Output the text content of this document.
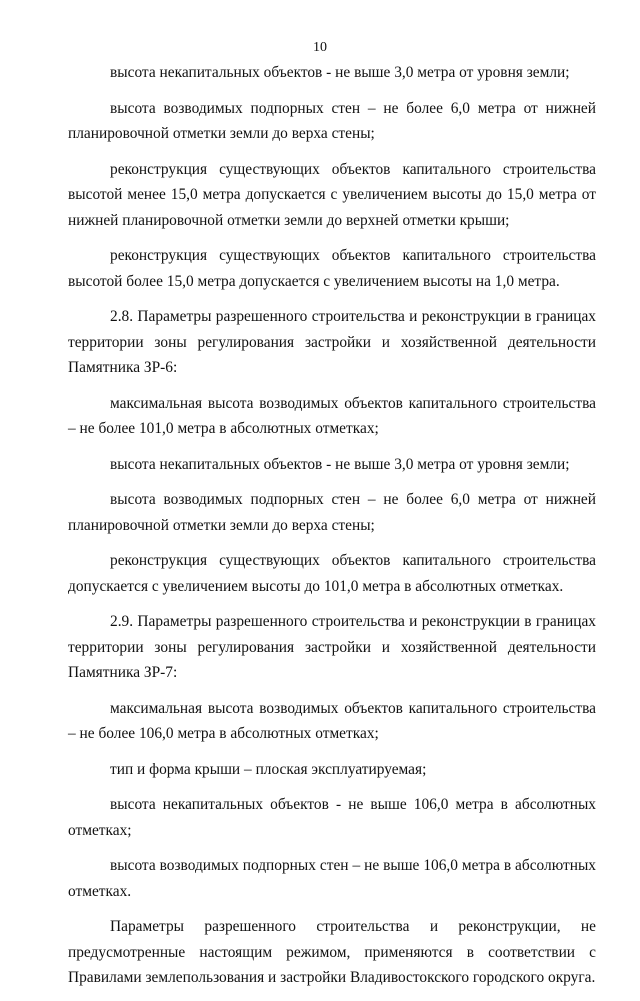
10

высота некапитальных объектов - не выше 3,0 метра от уровня земли;

высота возводимых подпорных стен – не более 6,0 метра от нижней планировочной отметки земли до верха стены;

реконструкция существующих объектов капитального строительства высотой менее 15,0 метра допускается с увеличением высоты до 15,0 метра от нижней планировочной отметки земли до верхней отметки крыши;

реконструкция существующих объектов капитального строительства высотой более 15,0 метра допускается с увеличением высоты на 1,0 метра.

2.8. Параметры разрешенного строительства и реконструкции в границах территории зоны регулирования застройки и хозяйственной деятельности Памятника ЗР-6:

максимальная высота возводимых объектов капитального строительства – не более 101,0 метра в абсолютных отметках;

высота некапитальных объектов - не выше 3,0 метра от уровня земли;

высота возводимых подпорных стен – не более 6,0 метра от нижней планировочной отметки земли до верха стены;

реконструкция существующих объектов капитального строительства допускается с увеличением высоты до 101,0 метра в абсолютных отметках.

2.9. Параметры разрешенного строительства и реконструкции в границах территории зоны регулирования застройки и хозяйственной деятельности Памятника ЗР-7:

максимальная высота возводимых объектов капитального строительства – не более 106,0 метра в абсолютных отметках;

тип и форма крыши – плоская эксплуатируемая;

высота некапитальных объектов - не выше 106,0 метра в абсолютных отметках;

высота возводимых подпорных стен – не выше 106,0 метра в абсолютных отметках.

Параметры разрешенного строительства и реконструкции, не предусмотренные настоящим режимом, применяются в соответствии с Правилами землепользования и застройки Владивостокского городского округа.
